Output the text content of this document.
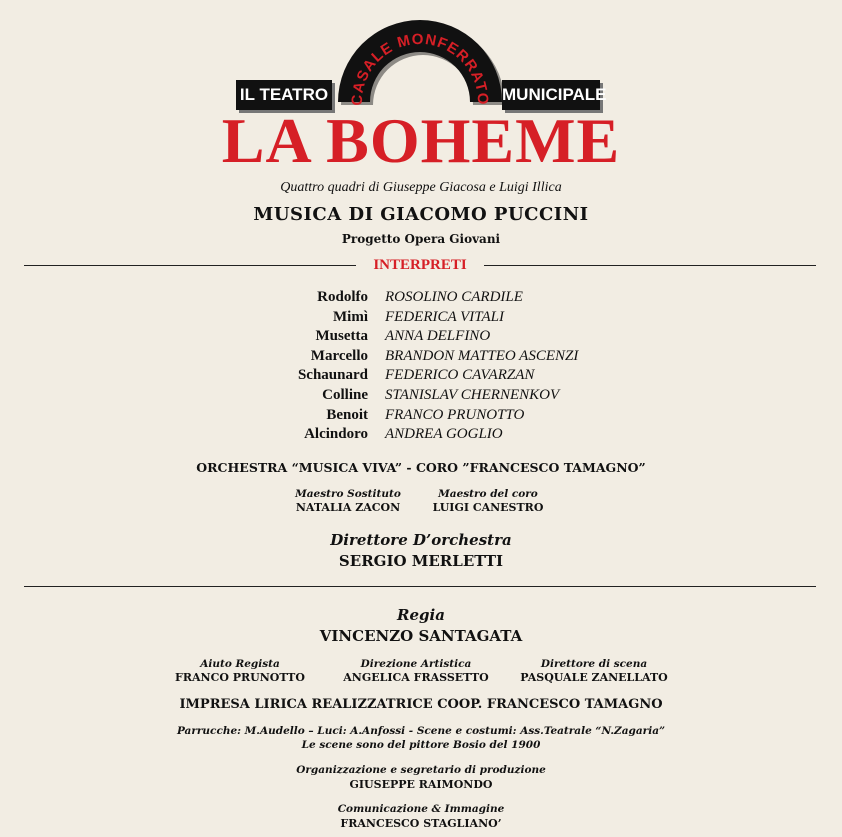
CASALE MONFERRATO
IL TEATRO	MUNICIPALE
LA BOHEME
Quattro quadri di Giuseppe Giacosa e Luigi Illica
MUSICA DI GIACOMO PUCCINI
Progetto Opera Giovani
INTERPRETI
Rodolfo ROSOLINO CARDILE
Mimì FEDERICA VITALI
Musetta ANNA DELFINO
Marcello BRANDON MATTEO ASCENZI
Schaunard FEDERICO CAVARZAN
Colline STANISLAV CHERNENKOV
Benoit FRANCO PRUNOTTO
Alcindoro ANDREA GOGLIO
ORCHESTRA “MUSICA VIVA” - CORO ”FRANCESCO TAMAGNO”
Maestro Sostituto
NATALIA ZACON
Maestro del coro
LUIGI CANESTRO
Direttore D’orchestra
SERGIO MERLETTI
Regia
VINCENZO SANTAGATA
Aiuto Regista
FRANCO PRUNOTTO
Direzione Artistica
ANGELICA FRASSETTO
Direttore di scena
PASQUALE ZANELLATO
IMPRESA LIRICA REALIZZATRICE COOP. FRANCESCO TAMAGNO
Parrucche: M.Audello – Luci: A.Anfossi - Scene e costumi: Ass.Teatrale “N.Zagaria”
Le scene sono del pittore Bosio del 1900
Organizzazione e segretario di produzione
GIUSEPPE RAIMONDO
Comunicazione & Immagine
FRANCESCO STAGLIANO’
